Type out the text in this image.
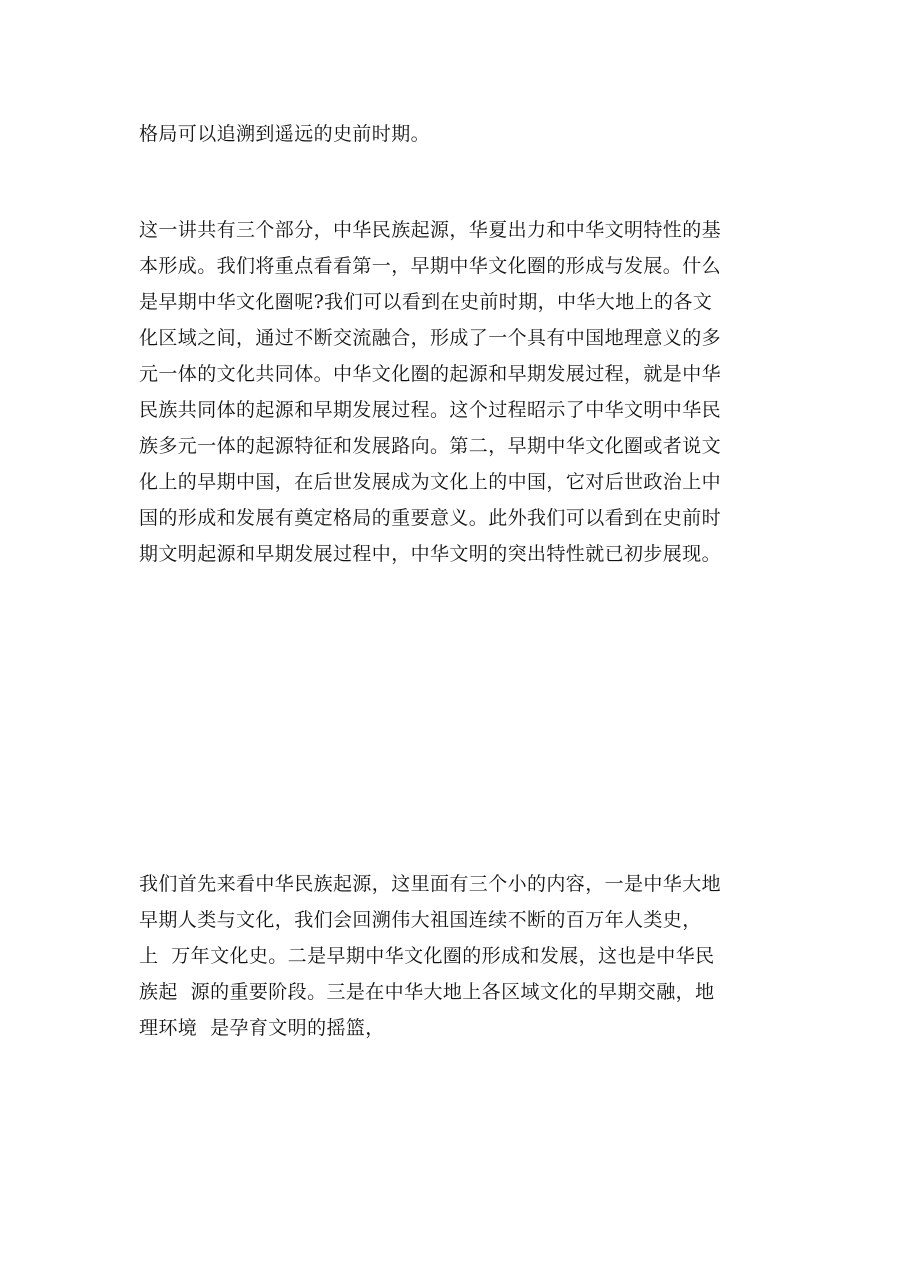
格局可以追溯到遥远的史前时期。
这一讲共有三个部分，中华民族起源，华夏出力和中华文明特性的基
本形成。我们将重点看看第一，早期中华文化圈的形成与发展。什么
是早期中华文化圈呢?我们可以看到在史前时期，中华大地上的各文
化区域之间，通过不断交流融合，形成了一个具有中国地理意义的多
元一体的文化共同体。中华文化圈的起源和早期发展过程，就是中华
民族共同体的起源和早期发展过程。这个过程昭示了中华文明中华民
族多元一体的起源特征和发展路向。第二，早期中华文化圈或者说文
化上的早期中国，在后世发展成为文化上的中国，它对后世政治上中
国的形成和发展有奠定格局的重要意义。此外我们可以看到在史前时
期文明起源和早期发展过程中，中华文明的突出特性就已初步展现。
我们首先来看中华民族起源，这里面有三个小的内容，一是中华大地
早期人类与文化，我们会回溯伟大祖国连续不断的百万年人类史，
上  万年文化史。二是早期中华文化圈的形成和发展，这也是中华民
族起  源的重要阶段。三是在中华大地上各区域文化的早期交融，地
理环境  是孕育文明的摇篮，
